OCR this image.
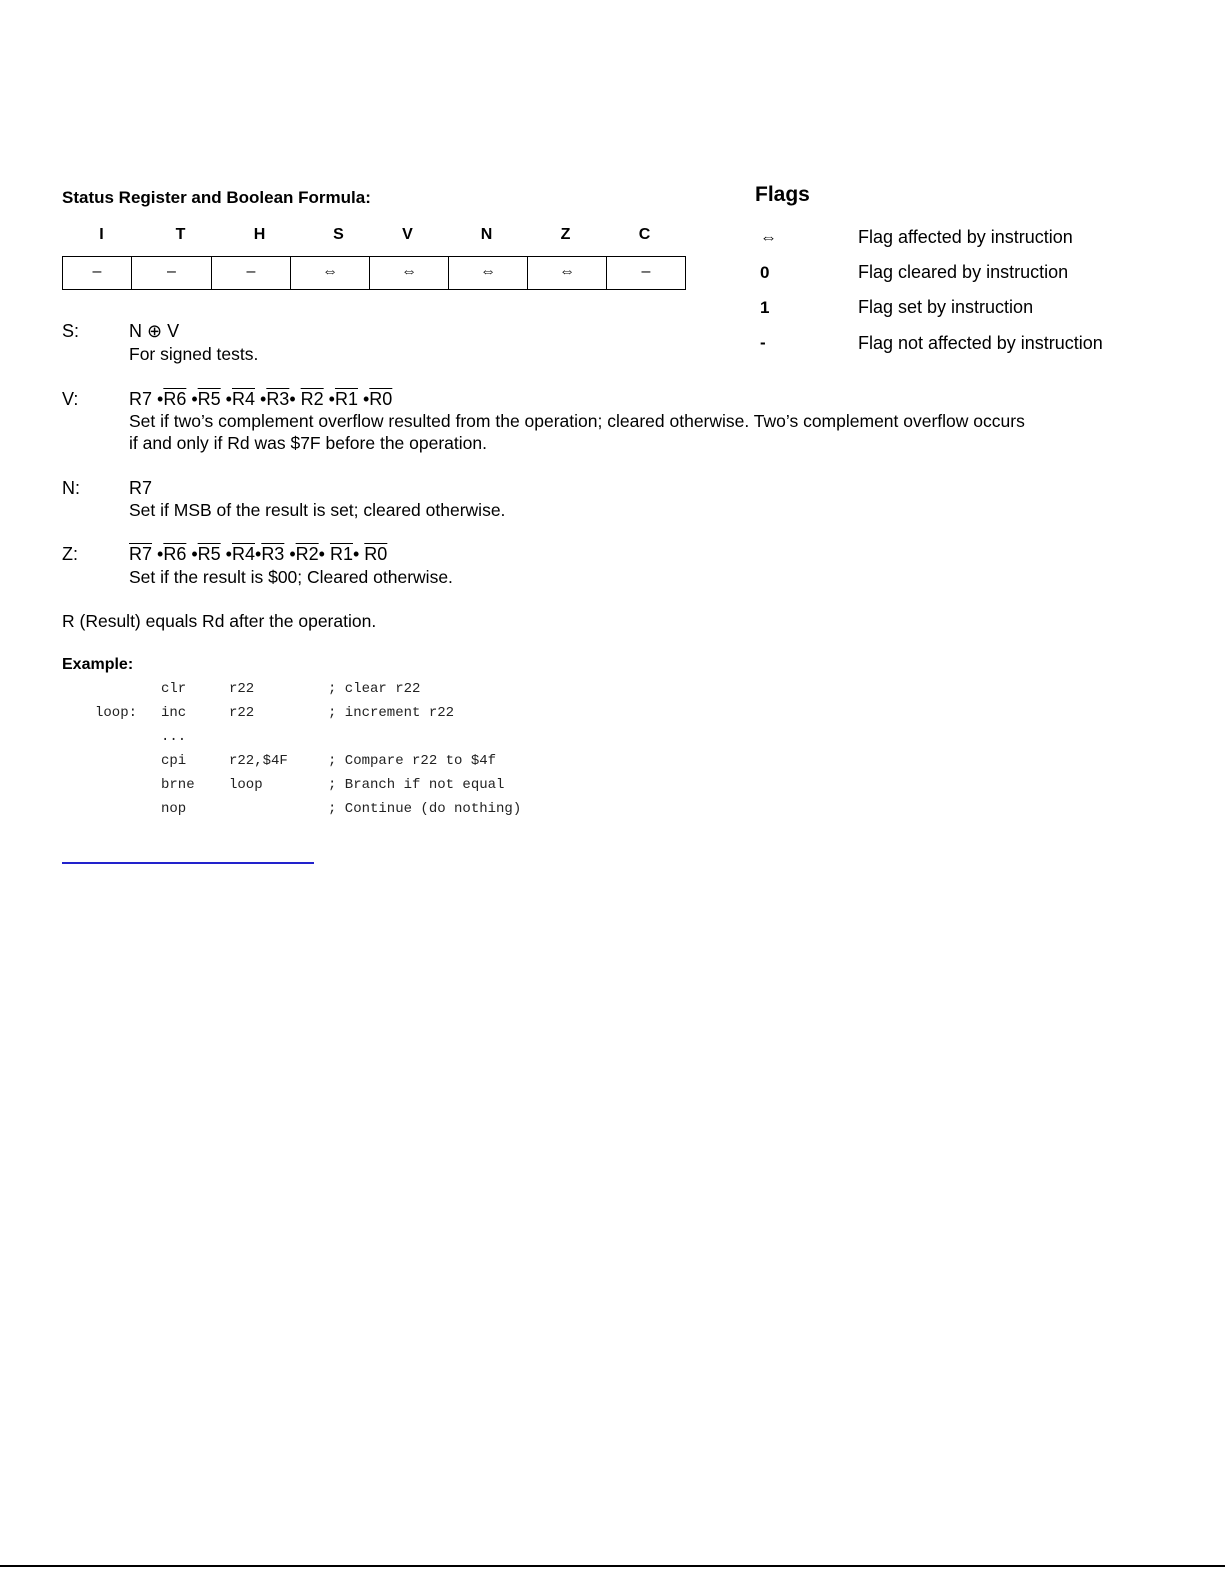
Status Register and Boolean Formula:
I	T	H	S	V	N	Z	C
–	–	–	⇔	⇔	⇔	⇔	–
Flags
⇔	Flag affected by instruction
0	Flag cleared by instruction
1	Flag set by instruction
-	Flag not affected by instruction
S:	N ⊕ V
For signed tests.
V:	R7 •R6 •R5 •R4 •R3• R2 •R1 •R0
Set if two’s complement overflow resulted from the operation; cleared otherwise. Two’s complement overflow occurs
if and only if Rd was $7F before the operation.
N:	R7
Set if MSB of the result is set; cleared otherwise.
Z:	R7 •R6 •R5 •R4•R3 •R2• R1• R0
Set if the result is $00; Cleared otherwise.
R (Result) equals Rd after the operation.
Example:
clr	r22	; clear r22
loop: inc	r22	; increment r22
...
cpi	r22,$4F	; Compare r22 to $4f
brne loop	; Branch if not equal
nop	; Continue (do nothing)
